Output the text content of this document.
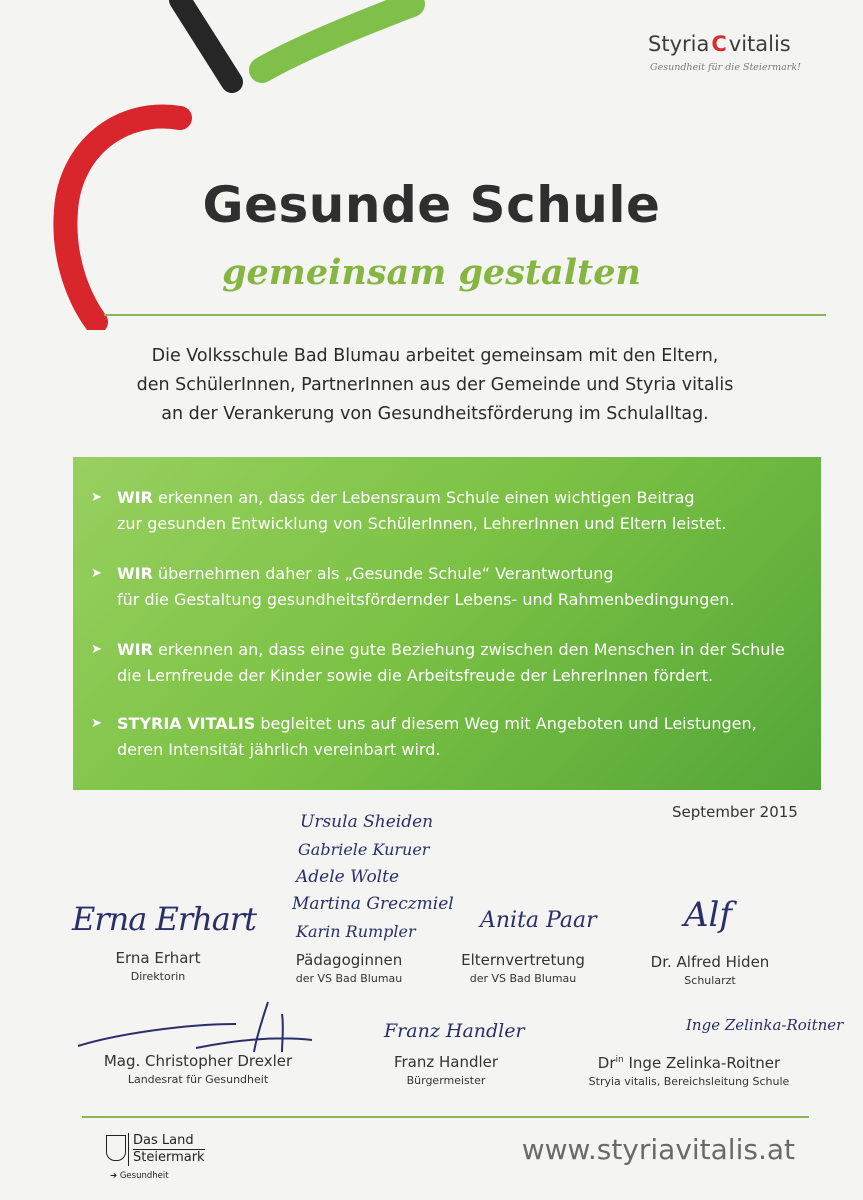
StyriaCvitalis
Gesundheit für die Steiermark!
Gesunde Schule
gemeinsam gestalten
Die Volksschule Bad Blumau arbeitet gemeinsam mit den Eltern,
den SchülerInnen, PartnerInnen aus der Gemeinde und Styria vitalis
an der Verankerung von Gesundheitsförderung im Schulalltag.
➤ WIR erkennen an, dass der Lebensraum Schule einen wichtigen Beitrag
zur gesunden Entwicklung von SchülerInnen, LehrerInnen und Eltern leistet.
➤ WIR übernehmen daher als „Gesunde Schule“ Verantwortung
für die Gestaltung gesundheitsfördernder Lebens- und Rahmenbedingungen.
➤ WIR erkennen an, dass eine gute Beziehung zwischen den Menschen in der Schule
die Lernfreude der Kinder sowie die Arbeitsfreude der LehrerInnen fördert.
➤ STYRIA VITALIS begleitet uns auf diesem Weg mit Angeboten und Leistungen,
deren Intensität jährlich vereinbart wird.
September 2015
Ursula Sheiden
Gabriele Kuruer
Adele Wolte
Martina Greczmiel
Karin Rumpler
Erna Erhart	Anita Paar	Alf
Franz Handler	Inge Zelinka-Roitner
Erna Erhart
Direktorin
Pädagoginnen
der VS Bad Blumau
Elternvertretung
der VS Bad Blumau
Dr. Alfred Hiden
Schularzt
Mag. Christopher Drexler
Landesrat für Gesundheit
Franz Handler
Bürgermeister
$Dr^{in}$ Inge Zelinka-Roitner
Stryia vitalis, Bereichsleitung Schule
Das Land
Steiermark
➔ Gesundheit
www.styriavitalis.at
